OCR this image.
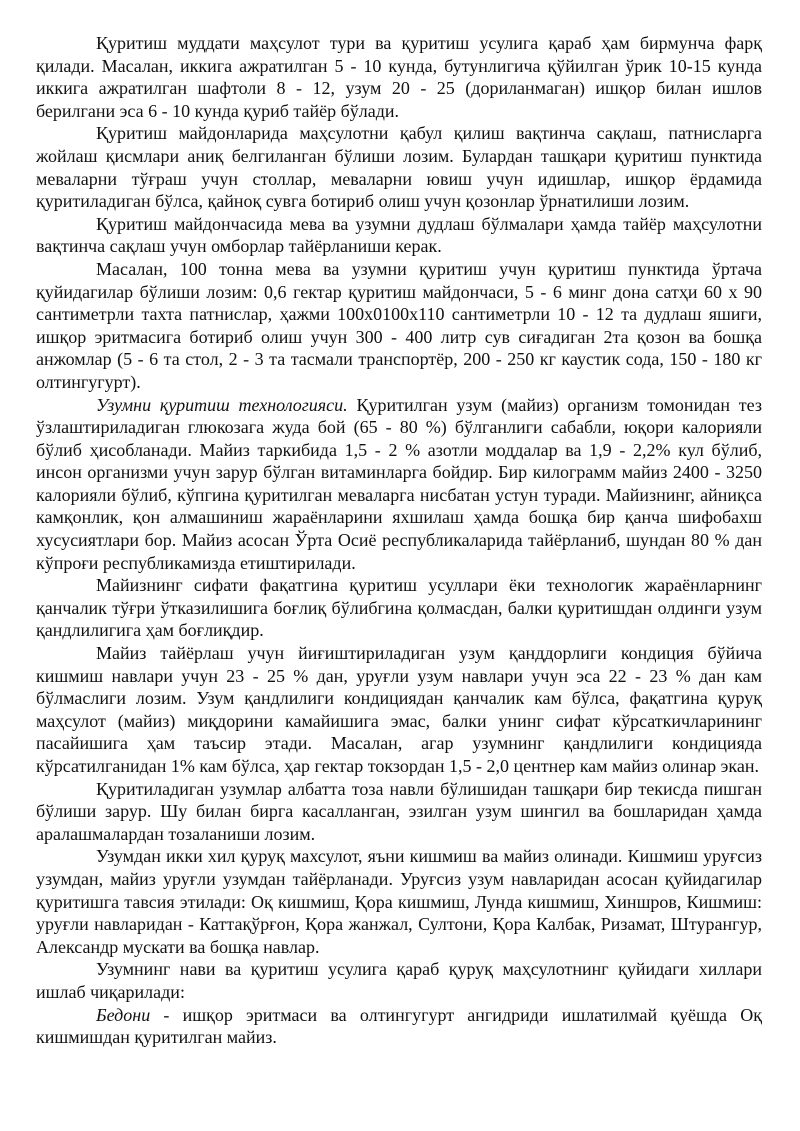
Қуритиш муддати маҳсулот тури ва қуритиш усулига қараб ҳам бирмунча фарқ қилади. Масалан, иккига ажратилган 5 - 10 кунда, бутунлигича қўйилган ўрик 10-15 кунда иккига ажратилган шафтоли 8 - 12, узум 20 - 25 (дориланмаган) ишқор билан ишлов берилгани эса 6 - 10 кунда қуриб тайёр бўлади.

Қуритиш майдонларида маҳсулотни қабул қилиш вақтинча сақлаш, патнисларга жойлаш қисмлари аниқ белгиланган бўлиши лозим. Булардан ташқари қуритиш пунктида меваларни тўғраш учун столлар, меваларни ювиш учун идишлар, ишқор ёрдамида қуритиладиган бўлса, қайноқ сувга ботириб олиш учун қозонлар ўрнатилиши лозим.

Қуритиш майдончасида мева ва узумни дудлаш бўлмалари ҳамда тайёр маҳсулотни вақтинча сақлаш учун омборлар тайёрланиши керак.

Масалан, 100 тонна мева ва узумни қуритиш учун қуритиш пунктида ўртача қуйидагилар бўлиши лозим: 0,6 гектар қуритиш майдончаси, 5 - 6 минг дона сатҳи 60 х 90 сантиметрли тахта патнислар, ҳажми 100х0100х110 сантиметрли 10 - 12 та дудлаш яшиги, ишқор эритмасига ботириб олиш учун 300 - 400 литр сув сиғадиган 2та қозон ва бошқа анжомлар (5 - 6 та стол, 2 - 3 та тасмали транспортёр, 200 - 250 кг каустик сода, 150 - 180 кг олтингугурт).

Узумни қуритиш технологияси. Қуритилган узум (майиз) организм томонидан тез ўзлаштириладиган глюкозага жуда бой (65 - 80 %) бўлганлиги сабабли, юқори калорияли бўлиб ҳисобланади. Майиз таркибида 1,5 - 2 % азотли моддалар ва 1,9 - 2,2% кул бўлиб, инсон организми учун зарур бўлган витаминларга бойдир. Бир килограмм майиз 2400 - 3250 калорияли бўлиб, кўпгина қуритилган меваларга нисбатан устун туради. Майизнинг, айниқса камқонлик, қон алмашиниш жараёнларини яхшилаш ҳамда бошқа бир қанча шифобахш хусусиятлари бор. Майиз асосан Ўрта Осиё республикаларида тайёрланиб, шундан 80 % дан кўпроғи республикамизда етиштирилади.

Майизнинг сифати фақатгина қуритиш усуллари ёки технологик жараёнларнинг қанчалик тўғри ўтказилишига боғлиқ бўлибгина қолмасдан, балки қуритишдан олдинги узум қандлилигига ҳам боғлиқдир.

Майиз тайёрлаш учун йиғиштириладиган узум қанддорлиги кондиция бўйича кишмиш навлари учун 23 - 25 % дан, уруғли узум навлари учун эса 22 - 23 % дан кам бўлмаслиги лозим. Узум қандлилиги кондициядан қанчалик кам бўлса, фақатгина қуруқ маҳсулот (майиз) миқдорини камайишига эмас, балки унинг сифат кўрсаткичларининг пасайишига ҳам таъсир этади. Масалан, агар узумнинг қандлилиги кондицияда кўрсатилганидан 1% кам бўлса, ҳар гектар токзордан 1,5 - 2,0 центнер кам майиз олинар экан.

Қуритиладиган узумлар албатта тоза навли бўлишидан ташқари бир текисда пишган бўлиши зарур. Шу билан бирга касалланган, эзилган узум шингил ва бошларидан ҳамда аралашмалардан тозаланиши лозим.

Узумдан икки хил қуруқ махсулот, яъни кишмиш ва майиз олинади. Кишмиш уруғсиз узумдан, майиз уруғли узумдан тайёрланади. Уруғсиз узум навларидан асосан қуйидагилар қуритишга тавсия этилади: Оқ кишмиш, Қора кишмиш, Лунда кишмиш, Хиншров, Кишмиш: уруғли навларидан - Каттақўрғон, Қора жанжал, Султони, Қора Калбак, Ризамат, Штурангур, Александр мускати ва бошқа навлар.

Узумнинг нави ва қуритиш усулига қараб қуруқ маҳсулотнинг қуйидаги хиллари ишлаб чиқарилади:

Бедони - ишқор эритмаси ва олтингугурт ангидриди ишлатилмай қуёшда Оқ кишмишдан қуритилган майиз.
